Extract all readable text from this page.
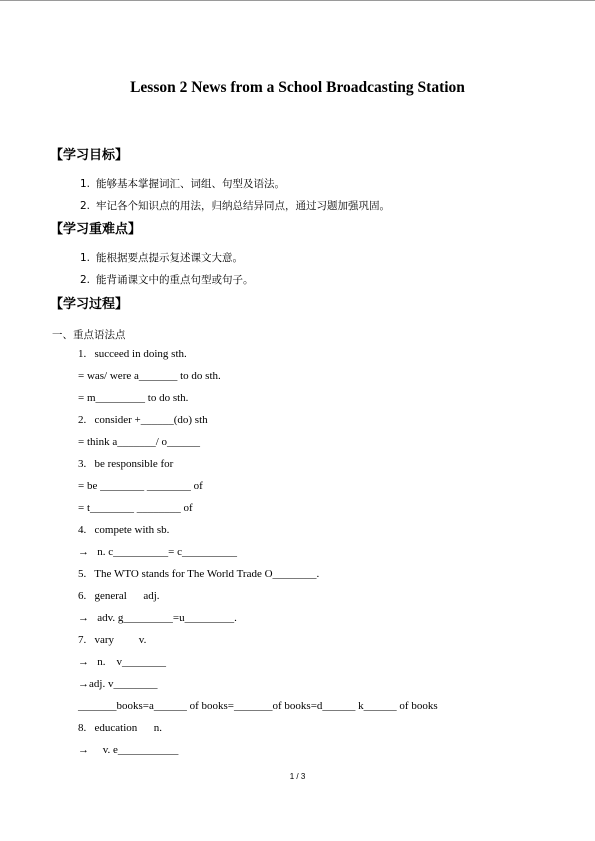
Lesson 2 News from a School Broadcasting Station
【学习目标】
1. 能够基本掌握词汇、词组、句型及语法。
2. 牢记各个知识点的用法，归纳总结异同点，通过习题加强巩固。
【学习重难点】
1. 能根据要点提示复述课文大意。
2. 能背诵课文中的重点句型或句子。
【学习过程】
一、重点语法点
1.   succeed in doing sth.
= was/ were a_______ to do sth.
= m_________ to do sth.
2.   consider +______(do) sth
= think a_______/ o______
3.   be responsible for
= be ________ ________ of
= t________ ________ of
4.   compete with sb.
→   n. c__________= c__________
5.   The WTO stands for The World Trade O________.
6.   general      adj.
→   adv. g_________=u_________.
7.   vary         v.
→   n.    v________
→adj. v________
_______books=a______ of books=_______of books=d______ k______ of books
8.   education      n.
→     v. e___________
1 / 3
